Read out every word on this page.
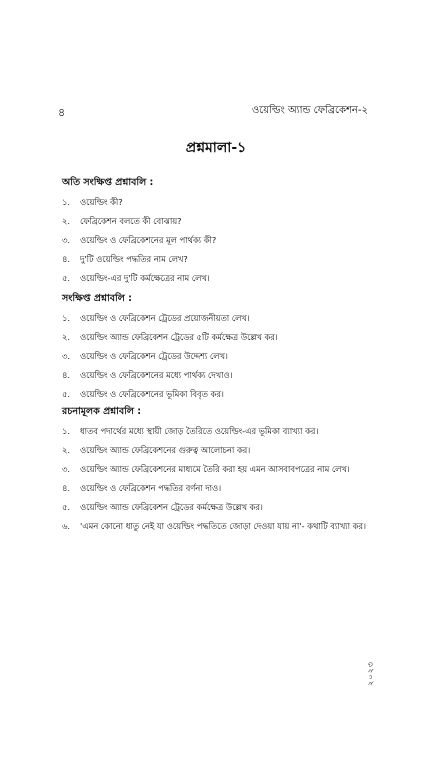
৪	ওয়েল্ডিং অ্যান্ড ফেব্রিকেশন-২
প্রশ্নমালা-১
অতি সংক্ষিপ্ত প্রশ্নাবলি :
১.	ওয়েল্ডিং কী?
২.	ফেব্রিকেশন বলতে কী বোঝায়?
৩.	ওয়েল্ডিং ও ফেব্রিকেশনের মূল পার্থক্য কী?
৪.	দু'টি ওয়েল্ডিং পদ্ধতির নাম লেখ?
৫.	ওয়েল্ডিং-এর দু'টি কর্মক্ষেত্রের নাম লেখ।
সংক্ষিপ্ত প্রশ্নাবলি :
১.	ওয়েল্ডিং ও ফেব্রিকেশন ট্রেডের প্রয়োজনীয়তা লেখ।
২.	ওয়েল্ডিং অ্যান্ড ফেব্রিকেশন ট্রেডের ৫টি কর্মক্ষেত্র উল্লেখ কর।
৩.	ওয়েল্ডিং ও ফেব্রিকেশন ট্রেডের উদ্দেশ্য লেখ।
৪.	ওয়েল্ডিং ও ফেব্রিকেশনের মধ্যে পার্থক্য দেখাও।
৫.	ওয়েল্ডিং ও ফেব্রিকেশনের ভূমিকা বিবৃত কর।
রচনামূলক প্রশ্নাবলি :
১.	ধাতব পদার্থের মধ্যে স্থায়ী জোড় তৈরিতে ওয়েল্ডিং-এর ভূমিকা ব্যাখ্যা কর।
২.	ওয়েল্ডিং অ্যান্ড ফেব্রিকেশনের গুরুত্ব আলোচনা কর।
৩.	ওয়েল্ডিং অ্যান্ড ফেব্রিকেশনের মাধ্যমে তৈরি করা হয় এমন আসবাবপত্রের নাম লেখ।
৪.	ওয়েল্ডিং ও ফেব্রিকেশন পদ্ধতির বর্ণনা দাও।
৫.	ওয়েল্ডিং অ্যান্ড ফেব্রিকেশন ট্রেডের কর্মক্ষেত্র উল্লেখ কর।
৬.	'এমন কোনো ধাতু নেই যা ওয়েল্ডিং পদ্ধতিতে জোড়া দেওয়া যায় না'- কথাটি ব্যাখ্যা কর।
২০২৩
